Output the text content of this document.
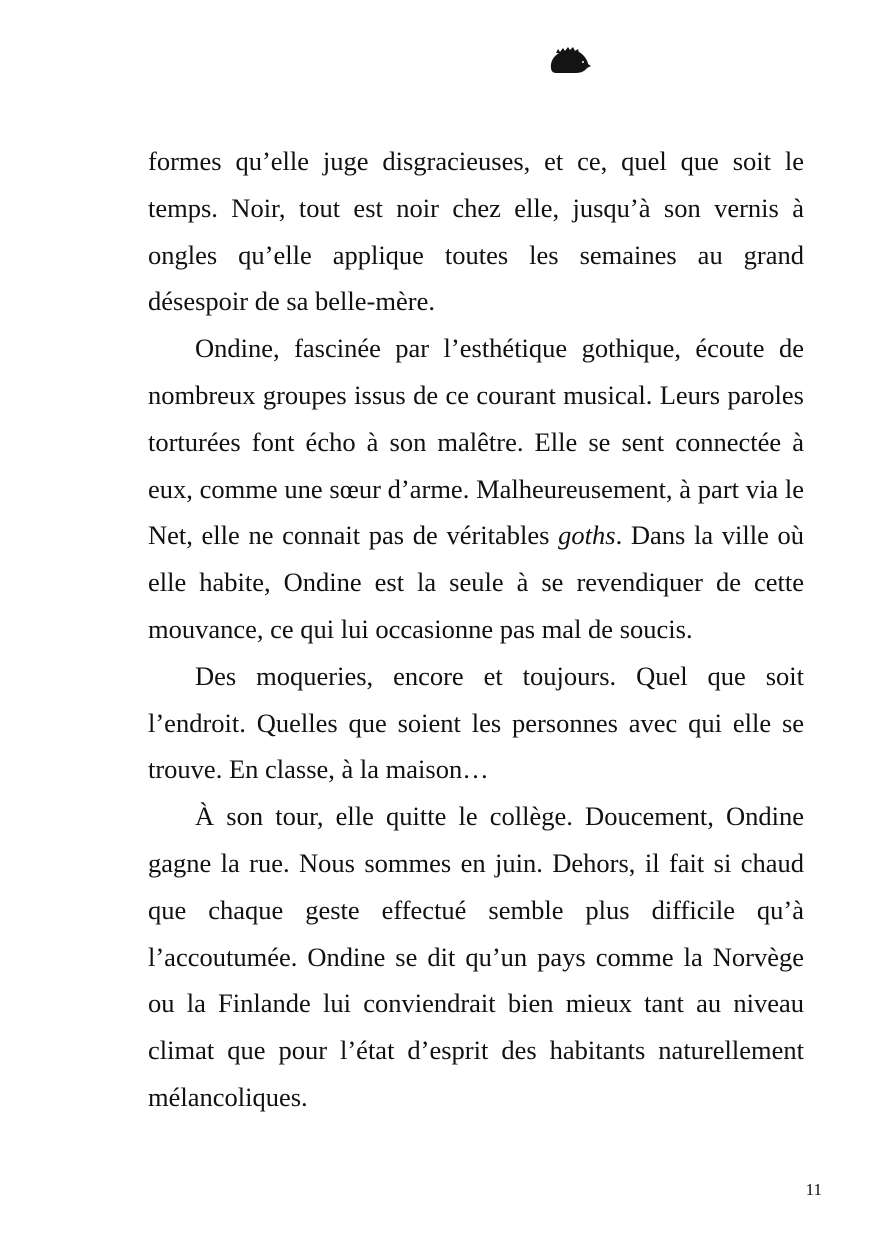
formes qu’elle juge disgracieuses, et ce, quel que soit le temps. Noir, tout est noir chez elle, jusqu’à son vernis à ongles qu’elle applique toutes les semaines au grand désespoir de sa belle-mère.

Ondine, fascinée par l’esthétique gothique, écoute de nombreux groupes issus de ce courant musical. Leurs paroles torturées font écho à son malêtre. Elle se sent connectée à eux, comme une sœur d’arme. Malheureusement, à part via le Net, elle ne connait pas de véritables goths. Dans la ville où elle habite, Ondine est la seule à se revendiquer de cette mouvance, ce qui lui occasionne pas mal de soucis.

Des moqueries, encore et toujours. Quel que soit l’endroit. Quelles que soient les personnes avec qui elle se trouve. En classe, à la maison…

À son tour, elle quitte le collège. Doucement, Ondine gagne la rue. Nous sommes en juin. Dehors, il fait si chaud que chaque geste effectué semble plus difficile qu’à l’accoutumée. Ondine se dit qu’un pays comme la Norvège ou la Finlande lui conviendrait bien mieux tant au niveau climat que pour l’état d’esprit des habitants naturellement mélancoliques.

11
